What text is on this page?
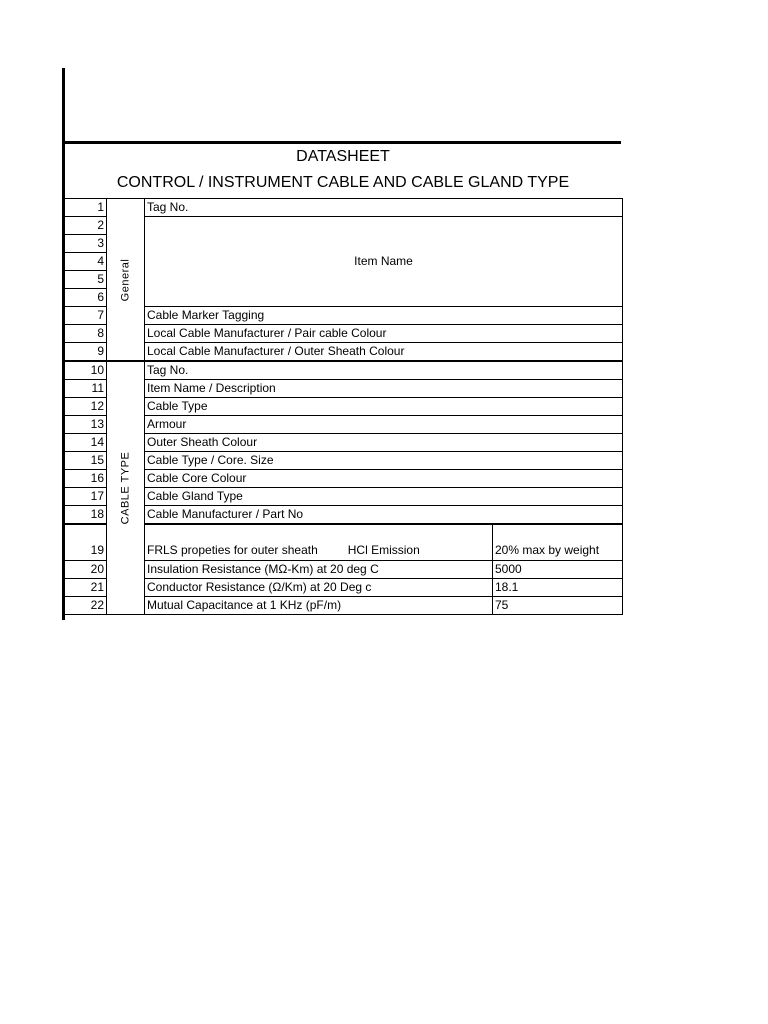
DATASHEET
CONTROL / INSTRUMENT CABLE AND CABLE GLAND TYPE
1	General	Tag No.	
2		Item Name	
3			
4			
5			
6			
7		Cable Marker Tagging	
8		Local Cable Manufacturer / Pair cable Colour	
9		Local Cable Manufacturer / Outer Sheath Colour	
10	CABLE TYPE	Tag No.	
11		Item Name / Description	
12		Cable Type	
13		Armour	
14		Outer Sheath Colour	
15		Cable Type / Core. Size	
16		Cable Core Colour	
17		Cable Gland Type	
18		Cable Manufacturer / Part No	
19		FRLS propeties for outer sheath HCl Emission	20% max by weight
20		Insulation Resistance (MΩ-Km) at 20 deg C	5000
21		Conductor Resistance (Ω/Km) at 20 Deg c	18.1
22		Mutual Capacitance at 1 KHz (pF/m)	75
